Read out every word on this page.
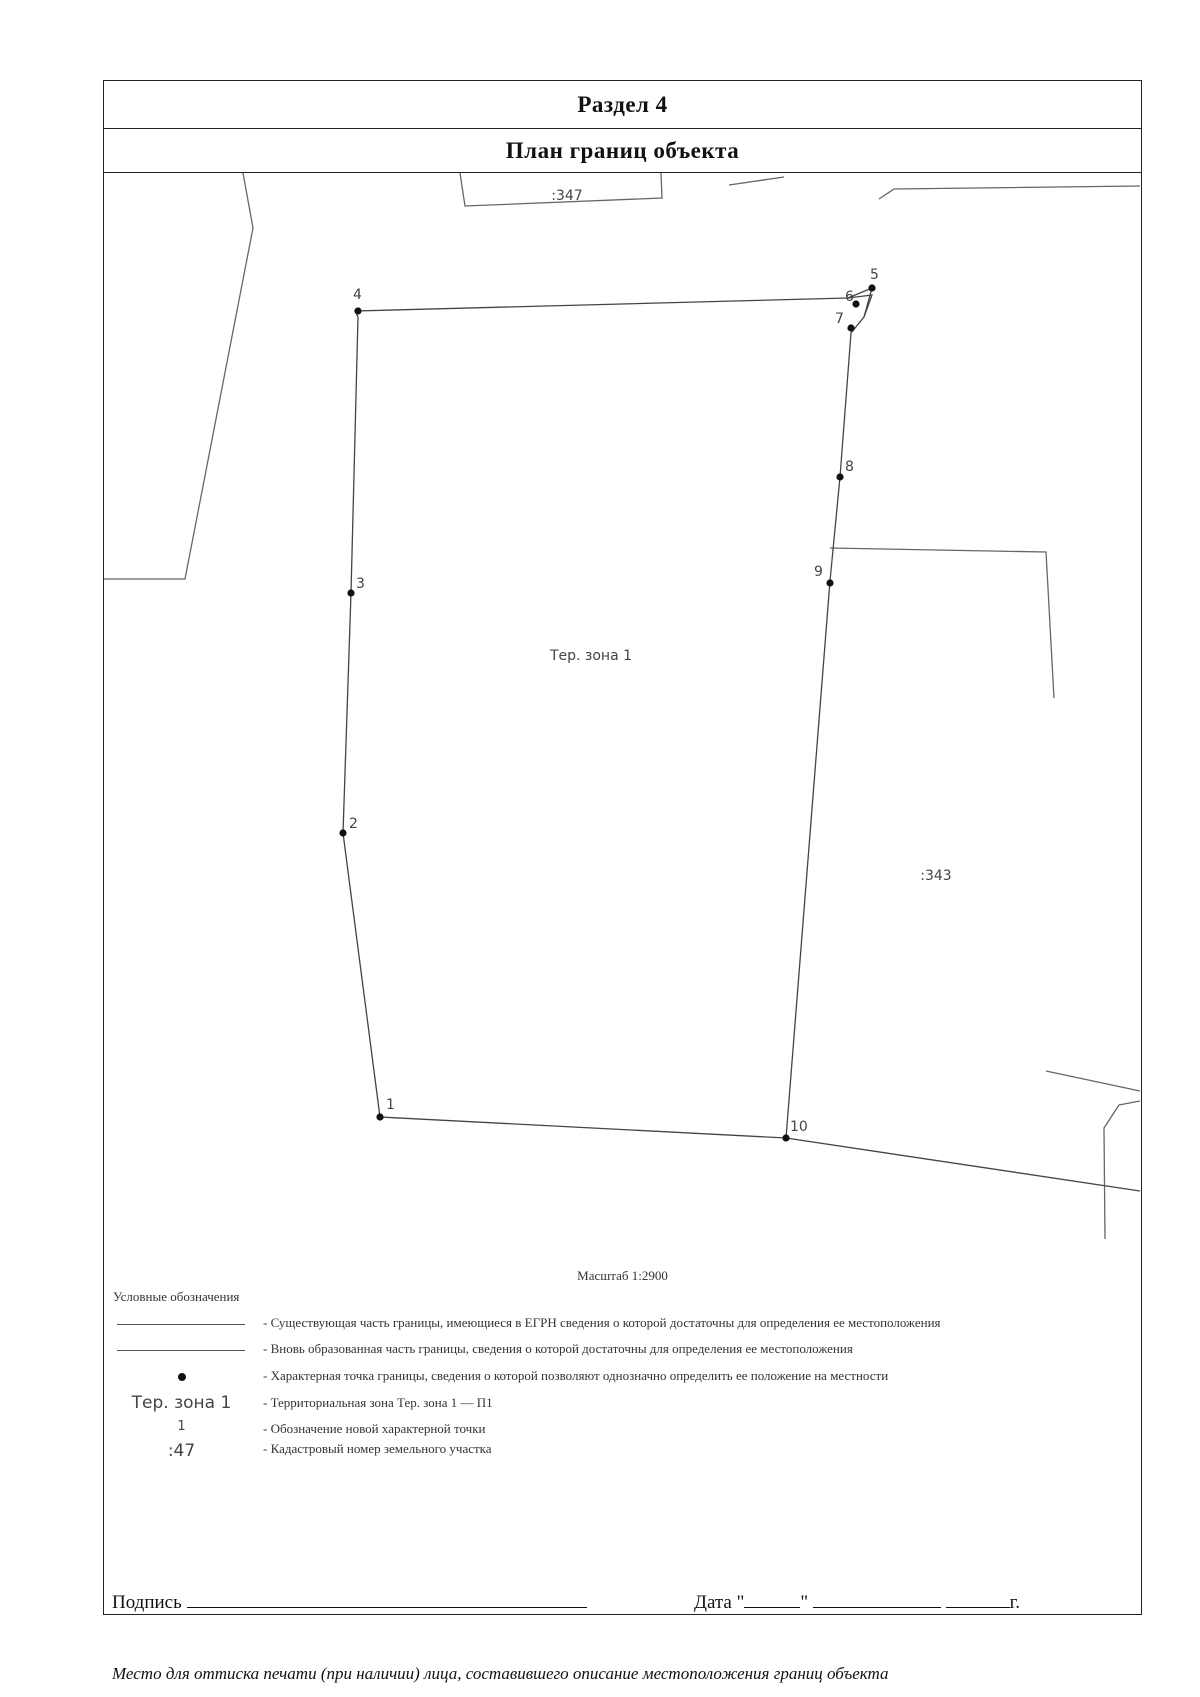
Раздел 4
План границ объекта
1
2
3
4
5
6
7
8
9
10
Тер. зона 1
:347
:343
Масштаб 1:2900
Условные обозначения
- Существующая часть границы, имеющиеся в ЕГРН сведения о которой достаточны для определения ее местоположения
- Вновь образованная часть границы, сведения о которой достаточны для определения ее местоположения
- Характерная точка границы, сведения о которой позволяют однозначно определить ее положение на местности
Тер. зона 1	- Территориальная зона Тер. зона 1 — П1
1	- Обозначение новой характерной точки
:47	- Кадастровый номер земельного участка
Подпись	Дата "	"	г.
Место для оттиска печати (при наличии) лица, составившего описание местоположения границ объекта
